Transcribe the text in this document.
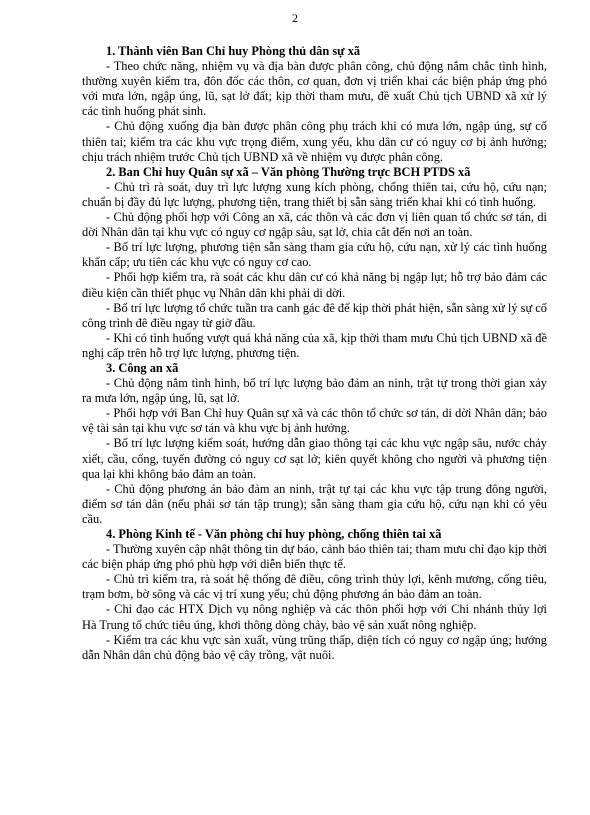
2

1. Thành viên Ban Chỉ huy Phòng thủ dân sự xã

- Theo chức năng, nhiệm vụ và địa bàn được phân công, chủ động nắm chắc tình hình, thường xuyên kiểm tra, đôn đốc các thôn, cơ quan, đơn vị triển khai các biện pháp ứng phó với mưa lớn, ngập úng, lũ, sạt lở đất; kịp thời tham mưu, đề xuất Chủ tịch UBND xã xử lý các tình huống phát sinh.

- Chủ động xuống địa bàn được phân công phụ trách khi có mưa lớn, ngập úng, sự cố thiên tai; kiểm tra các khu vực trọng điểm, xung yếu, khu dân cư có nguy cơ bị ảnh hưởng; chịu trách nhiệm trước Chủ tịch UBND xã về nhiệm vụ được phân công.

2. Ban Chỉ huy Quân sự xã – Văn phòng Thường trực BCH PTDS xã

- Chủ trì rà soát, duy trì lực lượng xung kích phòng, chống thiên tai, cứu hộ, cứu nạn; chuẩn bị đầy đủ lực lượng, phương tiện, trang thiết bị sẵn sàng triển khai khi có tình huống.

- Chủ động phối hợp với Công an xã, các thôn và các đơn vị liên quan tổ chức sơ tán, di dời Nhân dân tại khu vực có nguy cơ ngập sâu, sạt lở, chia cắt đến nơi an toàn.

- Bố trí lực lượng, phương tiện sẵn sàng tham gia cứu hộ, cứu nạn, xử lý các tình huống khẩn cấp; ưu tiên các khu vực có nguy cơ cao.

- Phối hợp kiểm tra, rà soát các khu dân cư có khả năng bị ngập lụt; hỗ trợ bảo đảm các điều kiện cần thiết phục vụ Nhân dân khi phải di dời.

- Bố trí lực lượng tổ chức tuần tra canh gác đê để kịp thời phát hiện, sẵn sàng xử lý sự cố công trình đê điều ngay từ giờ đầu.

- Khi có tình huống vượt quá khả năng của xã, kịp thời tham mưu Chủ tịch UBND xã đề nghị cấp trên hỗ trợ lực lượng, phương tiện.

3. Công an xã

- Chủ động nắm tình hình, bố trí lực lượng bảo đảm an ninh, trật tự trong thời gian xảy ra mưa lớn, ngập úng, lũ, sạt lở.

- Phối hợp với Ban Chỉ huy Quân sự xã và các thôn tổ chức sơ tán, di dời Nhân dân; bảo vệ tài sản tại khu vực sơ tán và khu vực bị ảnh hưởng.

- Bố trí lực lượng kiểm soát, hướng dẫn giao thông tại các khu vực ngập sâu, nước chảy xiết, cầu, cống, tuyến đường có nguy cơ sạt lở; kiên quyết không cho người và phương tiện qua lại khi không bảo đảm an toàn.

- Chủ động phương án bảo đảm an ninh, trật tự tại các khu vực tập trung đông người, điểm sơ tán dân (nếu phải sơ tán tập trung); sẵn sàng tham gia cứu hộ, cứu nạn khi có yêu cầu.

4. Phòng Kinh tế - Văn phòng chỉ huy phòng, chống thiên tai xã

- Thường xuyên cập nhật thông tin dự báo, cảnh báo thiên tai; tham mưu chỉ đạo kịp thời các biện pháp ứng phó phù hợp với diễn biến thực tế.

- Chủ trì kiểm tra, rà soát hệ thống đê điều, công trình thủy lợi, kênh mương, cống tiêu, trạm bơm, bờ sông và các vị trí xung yếu; chủ động phương án bảo đảm an toàn.

- Chỉ đạo các HTX Dịch vụ nông nghiệp và các thôn phối hợp với Chi nhánh thủy lợi Hà Trung tổ chức tiêu úng, khơi thông dòng chảy, bảo vệ sản xuất nông nghiệp.

- Kiểm tra các khu vực sản xuất, vùng trũng thấp, diện tích có nguy cơ ngập úng; hướng dẫn Nhân dân chủ động bảo vệ cây trồng, vật nuôi.
